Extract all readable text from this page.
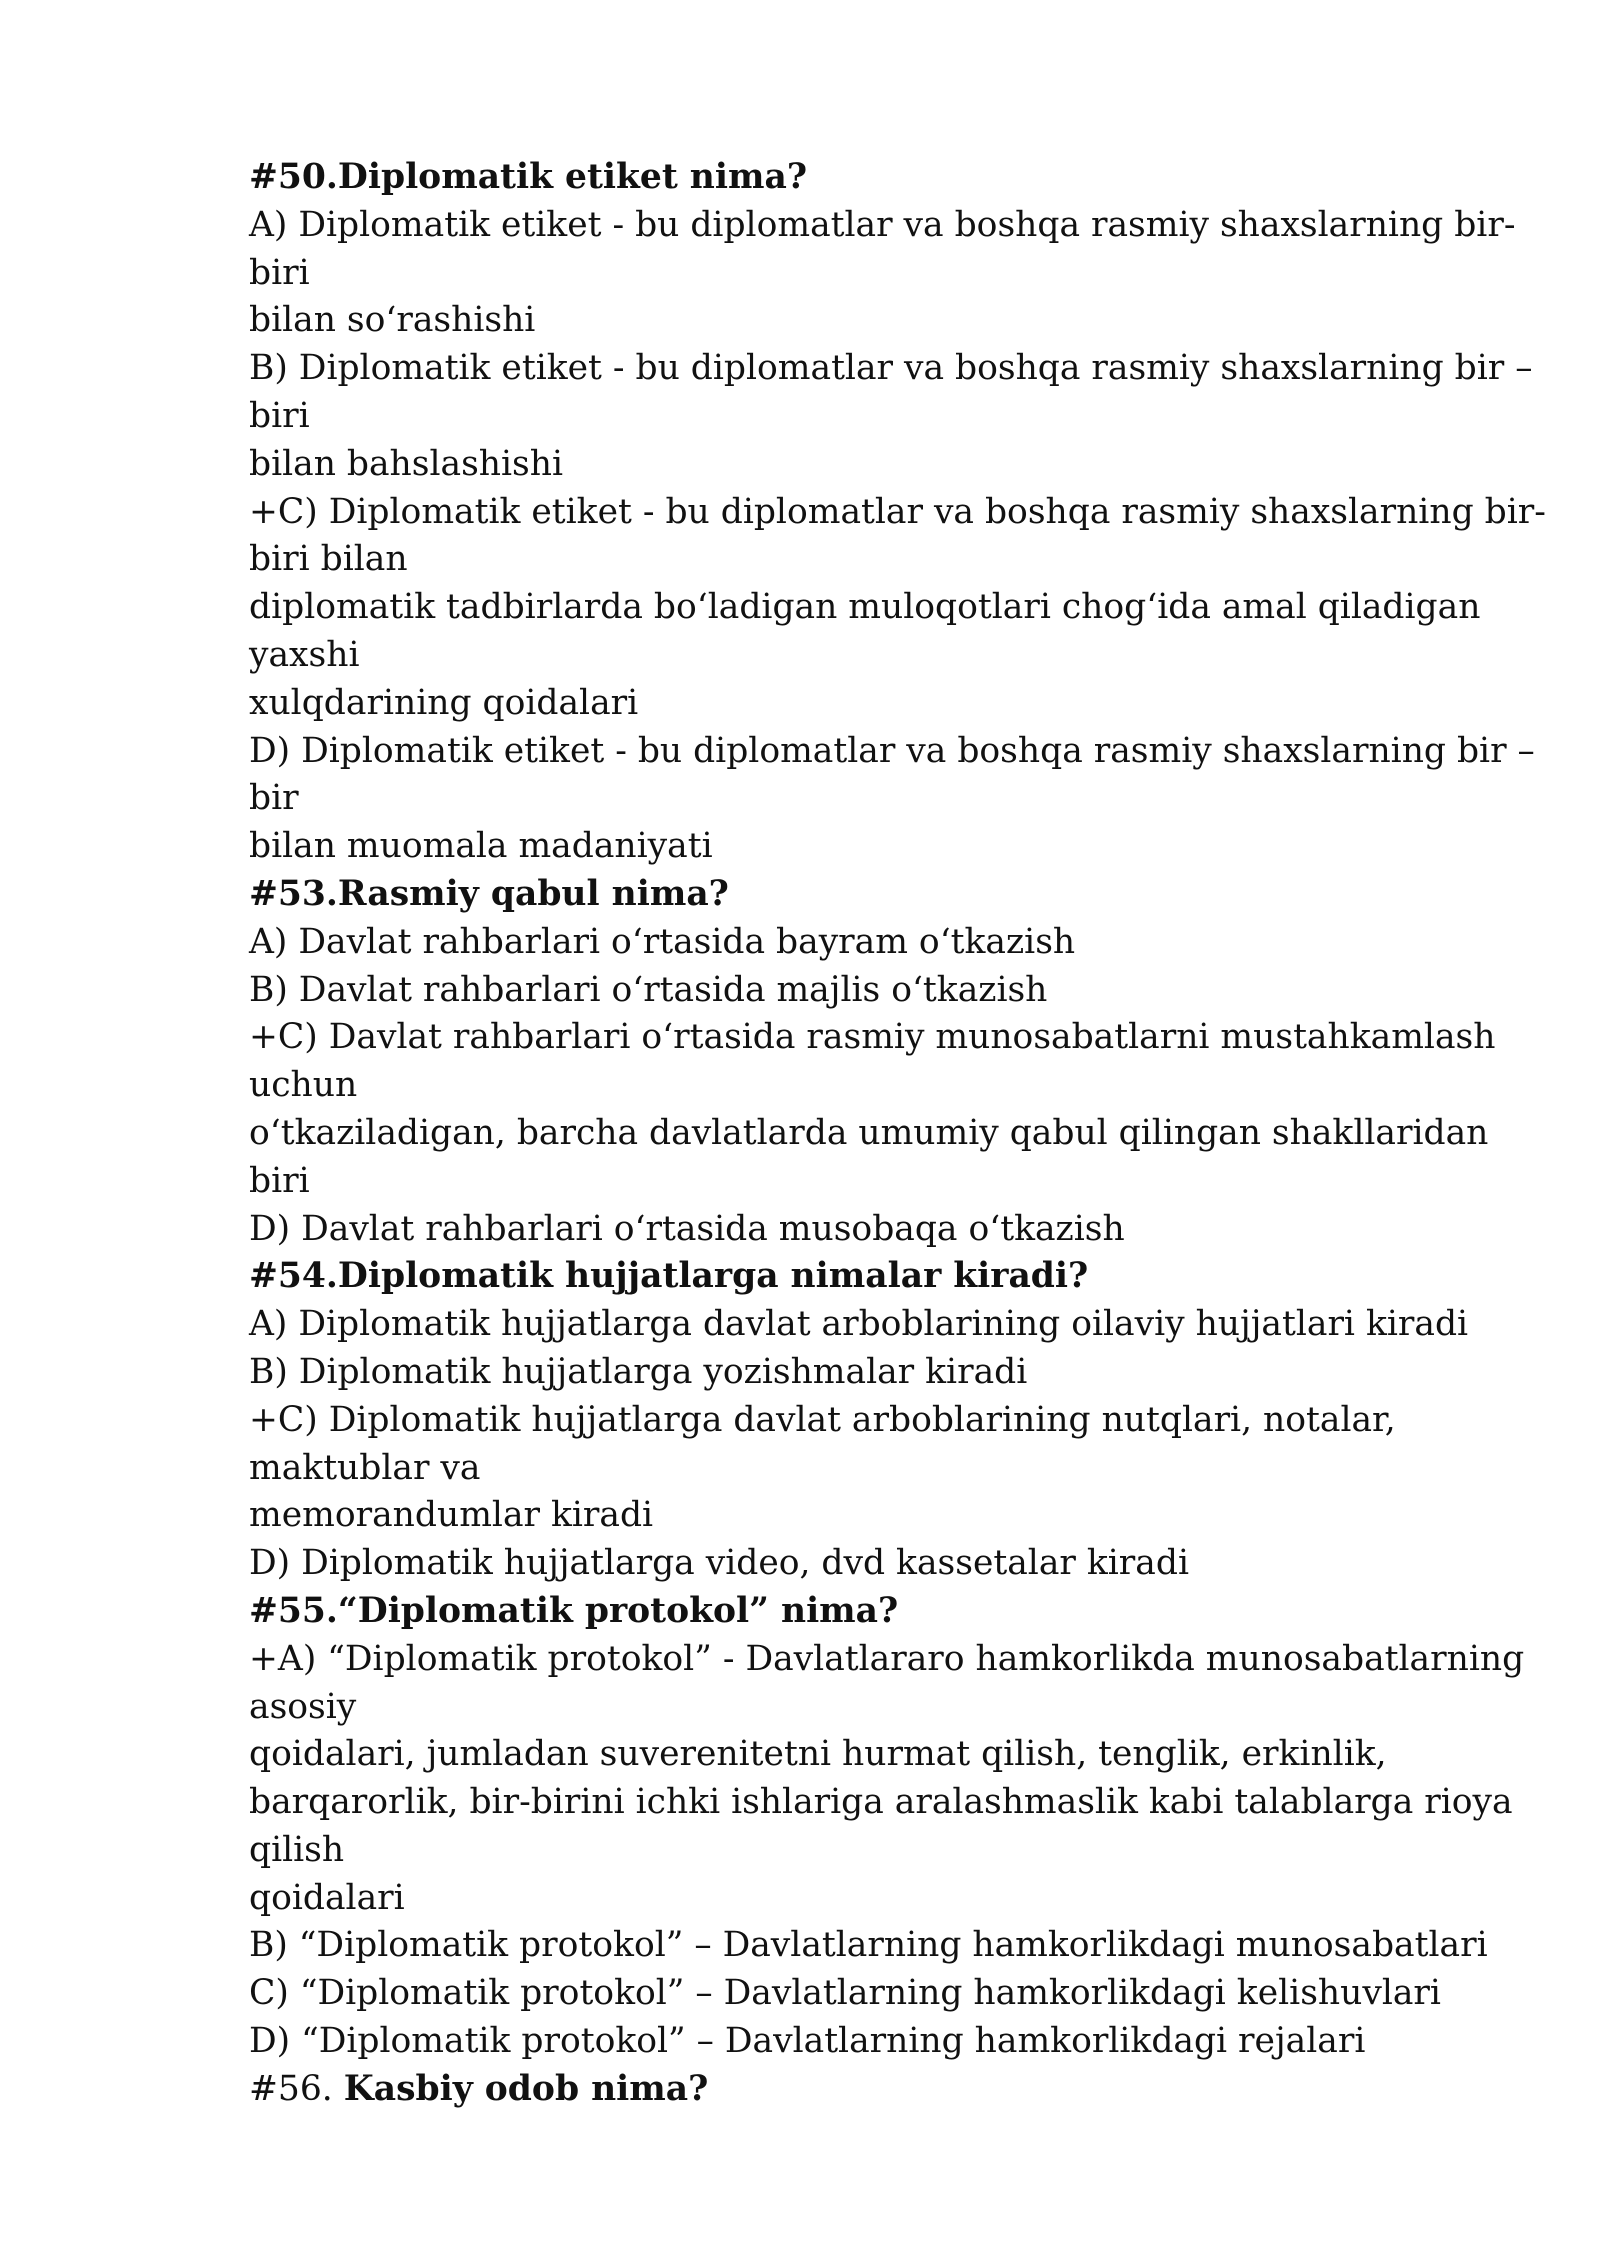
#50.Diplomatik etiket nima?
A) Diplomatik etiket - bu diplomatlar va boshqa rasmiy shaxslarning bir-
biri
bilan so‘rashishi
B) Diplomatik etiket - bu diplomatlar va boshqa rasmiy shaxslarning bir –
biri
bilan bahslashishi
+C) Diplomatik etiket - bu diplomatlar va boshqa rasmiy shaxslarning bir-
biri bilan
diplomatik tadbirlarda bo‘ladigan muloqotlari chog‘ida amal qiladigan
yaxshi
xulqdarining qoidalari
D) Diplomatik etiket - bu diplomatlar va boshqa rasmiy shaxslarning bir –
bir
bilan muomala madaniyati
#53.Rasmiy qabul nima?
A) Davlat rahbarlari o‘rtasida bayram o‘tkazish
B) Davlat rahbarlari o‘rtasida majlis o‘tkazish
+C) Davlat rahbarlari o‘rtasida rasmiy munosabatlarni mustahkamlash
uchun
o‘tkaziladigan, barcha davlatlarda umumiy qabul qilingan shakllaridan
biri
D) Davlat rahbarlari o‘rtasida musobaqa o‘tkazish
#54.Diplomatik hujjatlarga nimalar kiradi?
A) Diplomatik hujjatlarga davlat arboblarining oilaviy hujjatlari kiradi
B) Diplomatik hujjatlarga yozishmalar kiradi
+C) Diplomatik hujjatlarga davlat arboblarining nutqlari, notalar,
maktublar va
memorandumlar kiradi
D) Diplomatik hujjatlarga video, dvd kassetalar kiradi
#55.“Diplomatik protokol” nima?
+A) “Diplomatik protokol” - Davlatlararo hamkorlikda munosabatlarning
asosiy
qoidalari, jumladan suverenitetni hurmat qilish, tenglik, erkinlik,
barqarorlik, bir-birini ichki ishlariga aralashmaslik kabi talablarga rioya
qilish
qoidalari
B) “Diplomatik protokol” – Davlatlarning hamkorlikdagi munosabatlari
C) “Diplomatik protokol” – Davlatlarning hamkorlikdagi kelishuvlari
D) “Diplomatik protokol” – Davlatlarning hamkorlikdagi rejalari
#56. Kasbiy odob nima?
